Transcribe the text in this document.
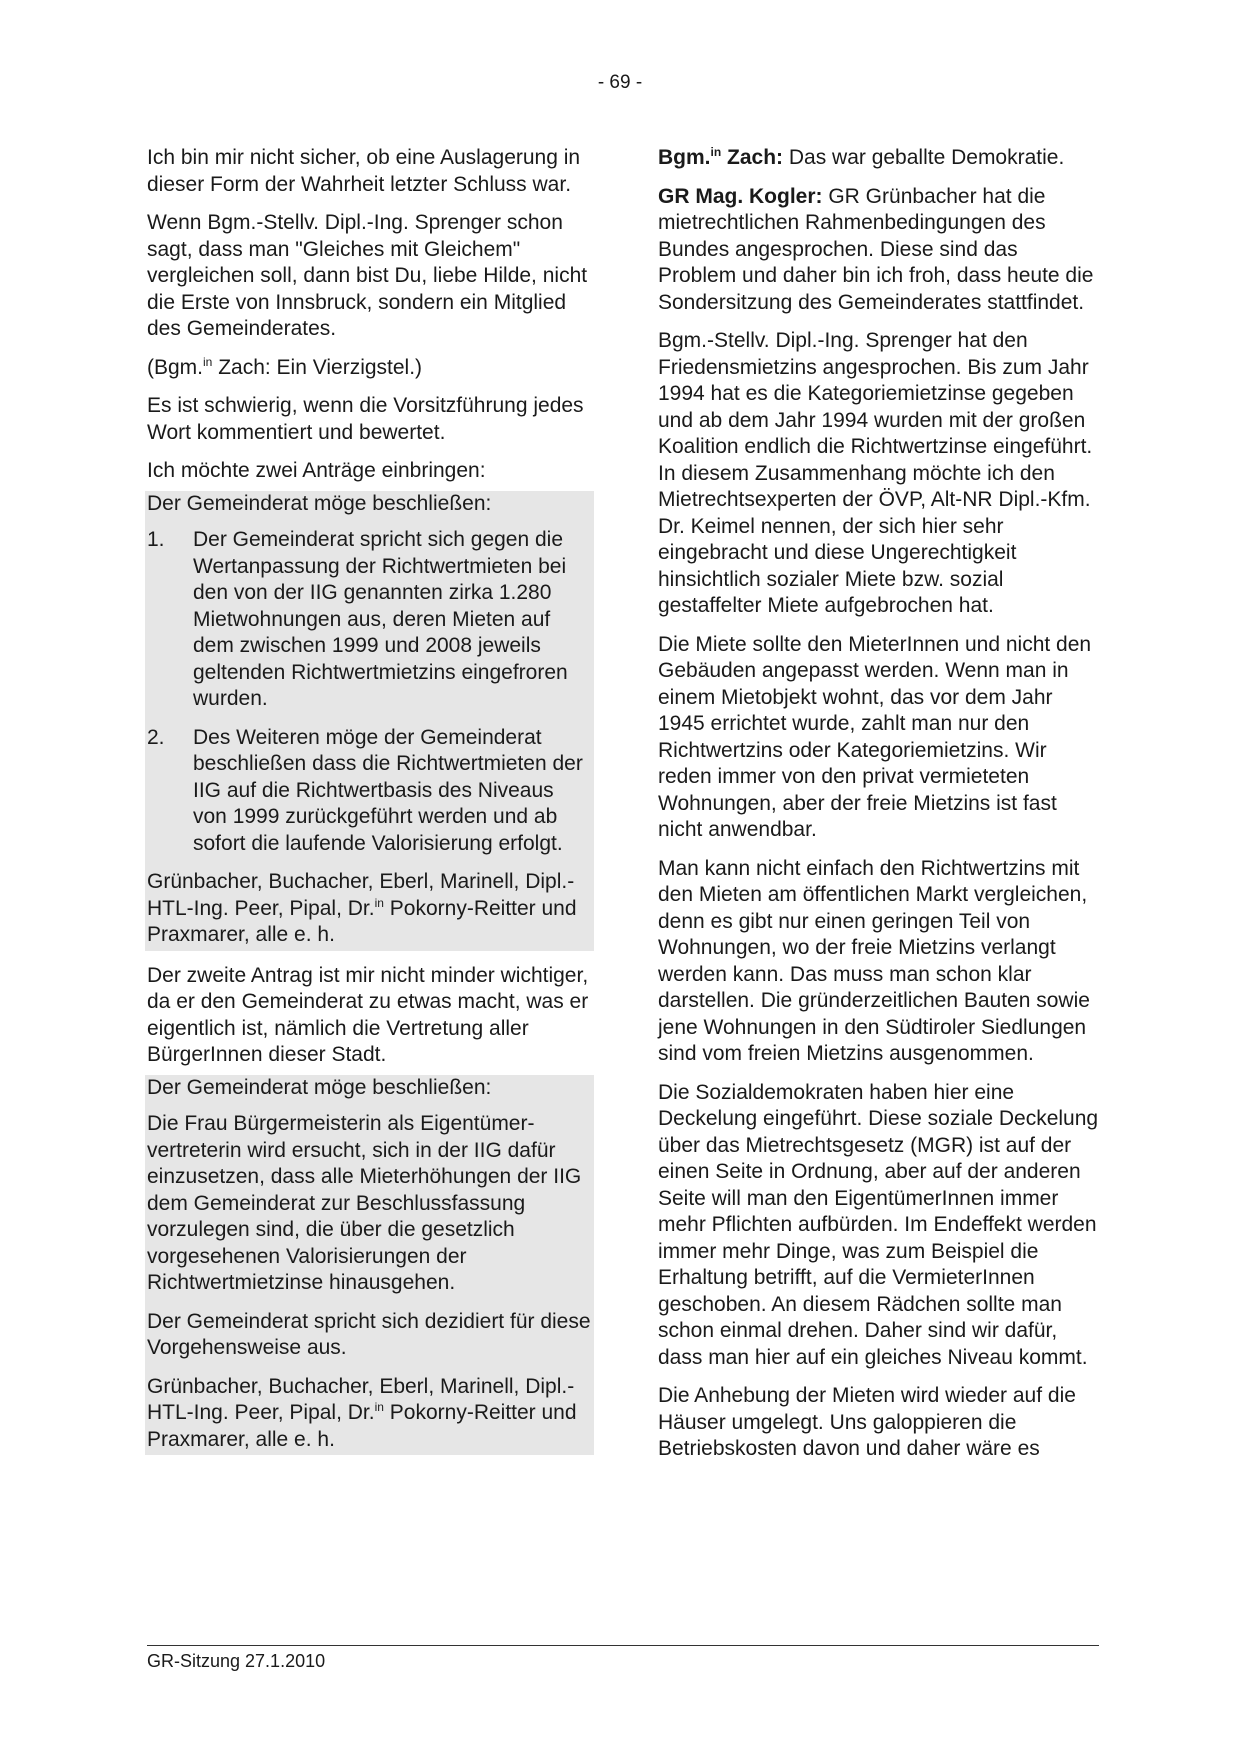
- 69 -

Ich bin mir nicht sicher, ob eine Auslagerung in dieser Form der Wahrheit letzter Schluss war.

Wenn Bgm.-Stellv. Dipl.-Ing. Sprenger schon sagt, dass man "Gleiches mit Gleichem" vergleichen soll, dann bist Du, liebe Hilde, nicht die Erste von Innsbruck, sondern ein Mitglied des Gemeinderates.

(Bgm.$^{in}$ Zach: Ein Vierzigstel.)

Es ist schwierig, wenn die Vorsitzführung jedes Wort kommentiert und bewertet.

Ich möchte zwei Anträge einbringen:

Der Gemeinderat möge beschließen:

1.	Der Gemeinderat spricht sich gegen die Wertanpassung der Richtwertmieten bei den von der IIG genannten zirka 1.280 Mietwohnungen aus, deren Mieten auf dem zwischen 1999 und 2008 jeweils geltenden Richtwertmietzins eingefroren wurden.
2.	Des Weiteren möge der Gemeinderat beschließen dass die Richtwertmieten der IIG auf die Richtwertbasis des Niveaus von 1999 zurückgeführt werden und ab sofort die laufende Valorisierung erfolgt.

Grünbacher, Buchacher, Eberl, Marinell, Dipl.-HTL-Ing. Peer, Pipal, Dr.$^{in}$ Pokorny-Reitter und Praxmarer, alle e. h.

Der zweite Antrag ist mir nicht minder wichtiger, da er den Gemeinderat zu etwas macht, was er eigentlich ist, nämlich die Vertretung aller BürgerInnen dieser Stadt.

Der Gemeinderat möge beschließen:

Die Frau Bürgermeisterin als Eigentümervertreterin wird ersucht, sich in der IIG dafür einzusetzen, dass alle Mieterhöhungen der IIG dem Gemeinderat zur Beschlussfassung vorzulegen sind, die über die gesetzlich vorgesehenen Valorisierungen der Richtwertmietzinse hinausgehen.

Der Gemeinderat spricht sich dezidiert für diese Vorgehensweise aus.

Grünbacher, Buchacher, Eberl, Marinell, Dipl.-HTL-Ing. Peer, Pipal, Dr.$^{in}$ Pokorny-Reitter und Praxmarer, alle e. h.

Bgm.$^{in}$ Zach: Das war geballte Demokratie.

GR Mag. Kogler: GR Grünbacher hat die mietrechtlichen Rahmenbedingungen des Bundes angesprochen. Diese sind das Problem und daher bin ich froh, dass heute die Sondersitzung des Gemeinderates stattfindet.

Bgm.-Stellv. Dipl.-Ing. Sprenger hat den Friedensmietzins angesprochen. Bis zum Jahr 1994 hat es die Kategoriemietzinse gegeben und ab dem Jahr 1994 wurden mit der großen Koalition endlich die Richtwertzinse eingeführt. In diesem Zusammenhang möchte ich den Mietrechtsexperten der ÖVP, Alt-NR Dipl.-Kfm. Dr. Keimel nennen, der sich hier sehr eingebracht und diese Ungerechtigkeit hinsichtlich sozialer Miete bzw. sozial gestaffelter Miete aufgebrochen hat.

Die Miete sollte den MieterInnen und nicht den Gebäuden angepasst werden. Wenn man in einem Mietobjekt wohnt, das vor dem Jahr 1945 errichtet wurde, zahlt man nur den Richtwertzins oder Kategoriemietzins. Wir reden immer von den privat vermieteten Wohnungen, aber der freie Mietzins ist fast nicht anwendbar.

Man kann nicht einfach den Richtwertzins mit den Mieten am öffentlichen Markt vergleichen, denn es gibt nur einen geringen Teil von Wohnungen, wo der freie Mietzins verlangt werden kann. Das muss man schon klar darstellen. Die gründerzeitlichen Bauten sowie jene Wohnungen in den Südtiroler Siedlungen sind vom freien Mietzins ausgenommen.

Die Sozialdemokraten haben hier eine Deckelung eingeführt. Diese soziale Deckelung über das Mietrechtsgesetz (MGR) ist auf der einen Seite in Ordnung, aber auf der anderen Seite will man den EigentümerInnen immer mehr Pflichten aufbürden. Im Endeffekt werden immer mehr Dinge, was zum Beispiel die Erhaltung betrifft, auf die VermieterInnen geschoben. An diesem Rädchen sollte man schon einmal drehen. Daher sind wir dafür, dass man hier auf ein gleiches Niveau kommt.

Die Anhebung der Mieten wird wieder auf die Häuser umgelegt. Uns galoppieren die Betriebskosten davon und daher wäre es

GR-Sitzung 27.1.2010
